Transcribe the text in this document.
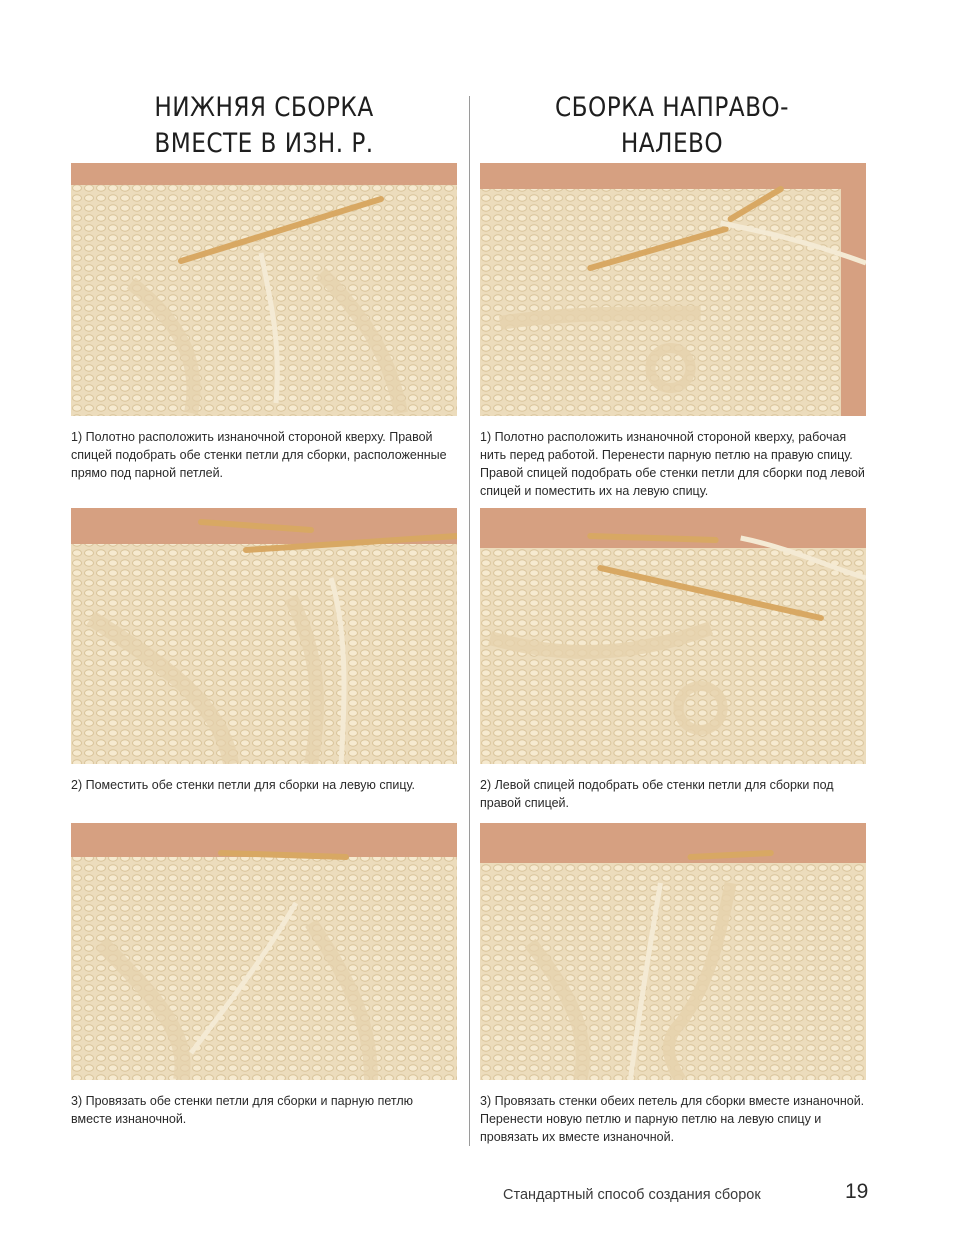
НИЖНЯЯ СБОРКА
ВМЕСТЕ В ИЗН. Р.
СБОРКА НАПРАВО-НАЛЕВО
1) Полотно расположить изнаночной стороной кверху. Правой спицей подобрать обе стенки петли для сборки, расположенные прямо под парной петлей.
2) Поместить обе стенки петли для сборки на левую спицу.
3) Провязать обе стенки петли для сборки и парную петлю вместе изнаночной.
1) Полотно расположить изнаночной стороной кверху, рабочая нить перед работой. Перенести парную петлю на правую спицу. Правой спицей подобрать обе стенки петли для сборки под левой спицей и поместить их на левую спицу.
2) Левой спицей подобрать обе стенки петли для сборки под правой спицей.
3) Провязать стенки обеих петель для сборки вместе изнаночной. Перенести новую петлю и парную петлю на левую спицу и провязать их вместе изнаночной.
Стандартный способ создания сборок	19
